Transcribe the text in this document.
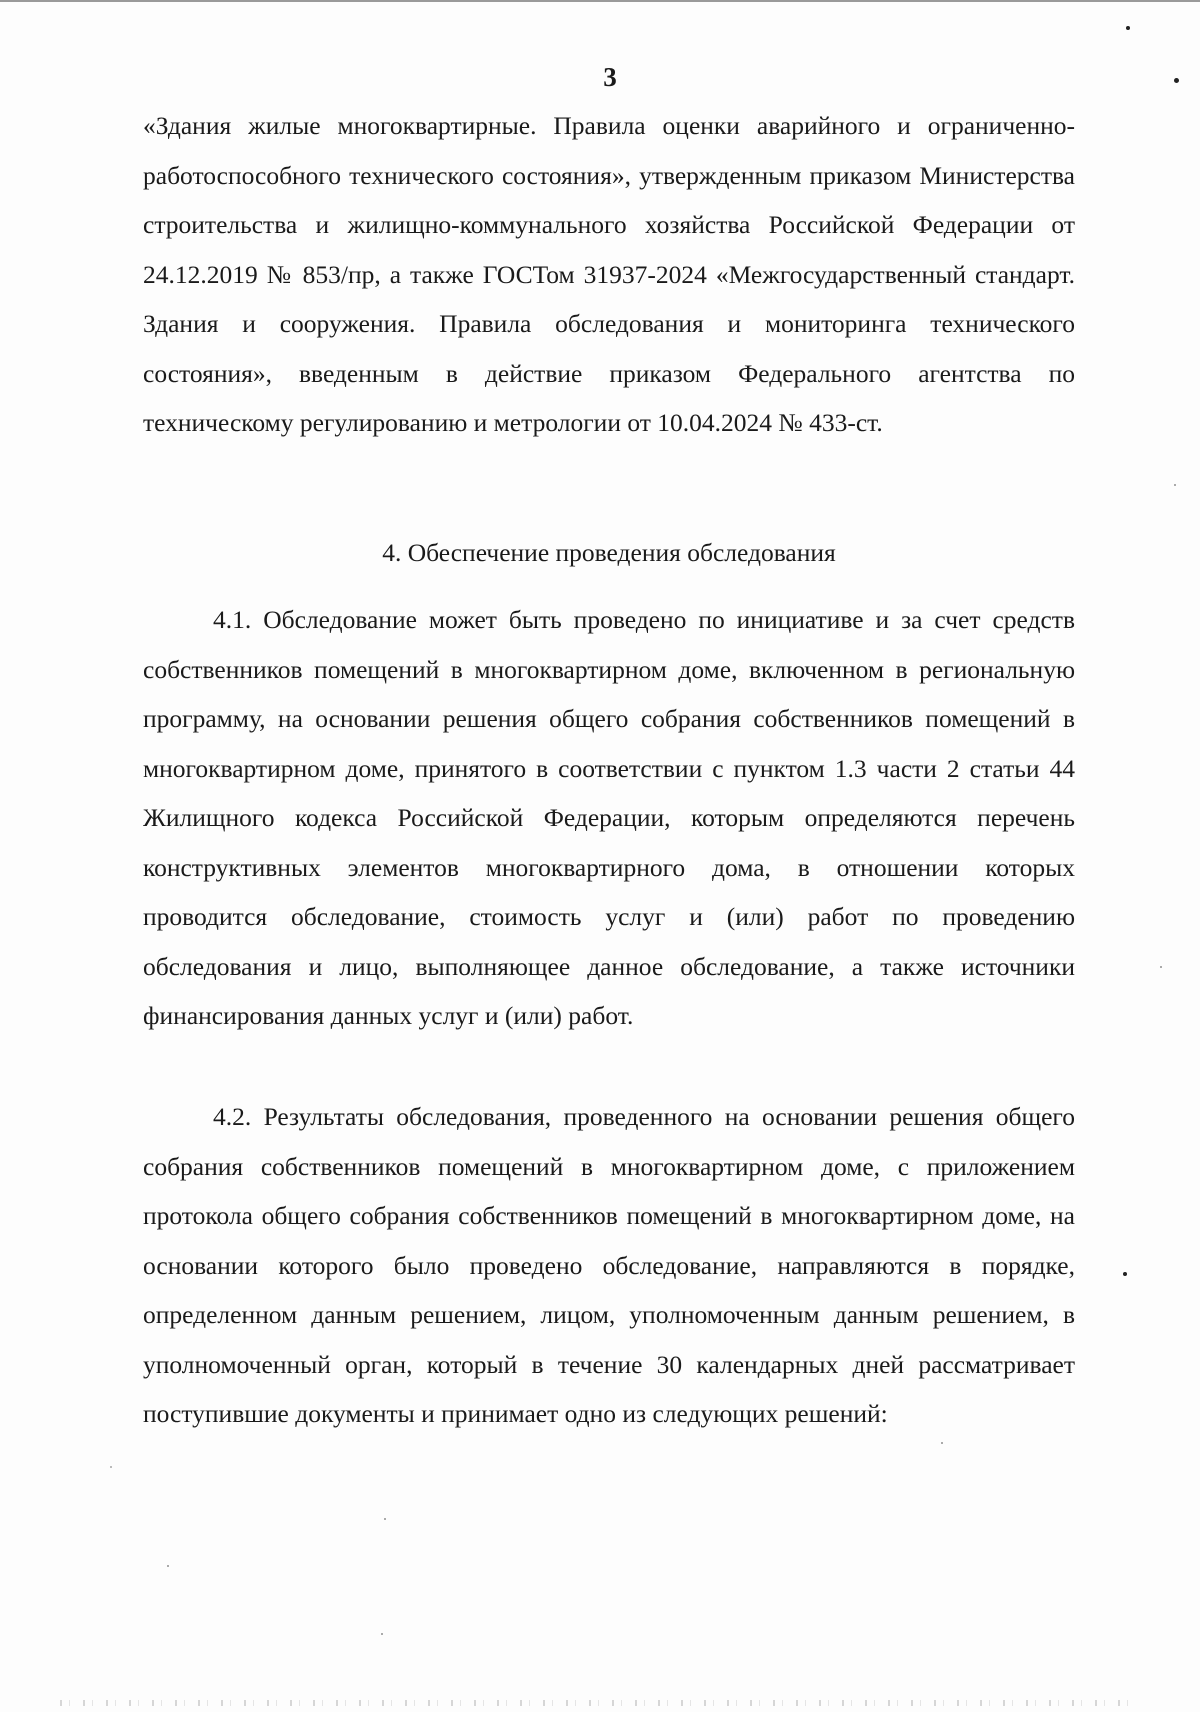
3

«Здания жилые многоквартирные. Правила оценки аварийного и ограниченно-работоспособного технического состояния», утвержденным приказом Министерства строительства и жилищно-коммунального хозяйства Российской Федерации от 24.12.2019 № 853/пр, а также ГОСТом 31937-2024 «Межгосударственный стандарт. Здания и сооружения. Правила обследования и мониторинга технического состояния», введенным в действие приказом Федерального агентства по техническому регулированию и метрологии от 10.04.2024 № 433-ст.

4. Обеспечение проведения обследования

4.1. Обследование может быть проведено по инициативе и за счет средств собственников помещений в многоквартирном доме, включенном в региональную программу, на основании решения общего собрания собственников помещений в многоквартирном доме, принятого в соответствии с пунктом 1.3 части 2 статьи 44 Жилищного кодекса Российской Федерации, которым определяются перечень конструктивных элементов многоквартирного дома, в отношении которых проводится обследование, стоимость услуг и (или) работ по проведению обследования и лицо, выполняющее данное обследование, а также источники финансирования данных услуг и (или) работ.

4.2. Результаты обследования, проведенного на основании решения общего собрания собственников помещений в многоквартирном доме, с приложением протокола общего собрания собственников помещений в многоквартирном доме, на основании которого было проведено обследование, направляются в порядке, определенном данным решением, лицом, уполномоченным данным решением, в уполномоченный орган, который в течение 30 календарных дней рассматривает поступившие документы и принимает одно из следующих решений:
